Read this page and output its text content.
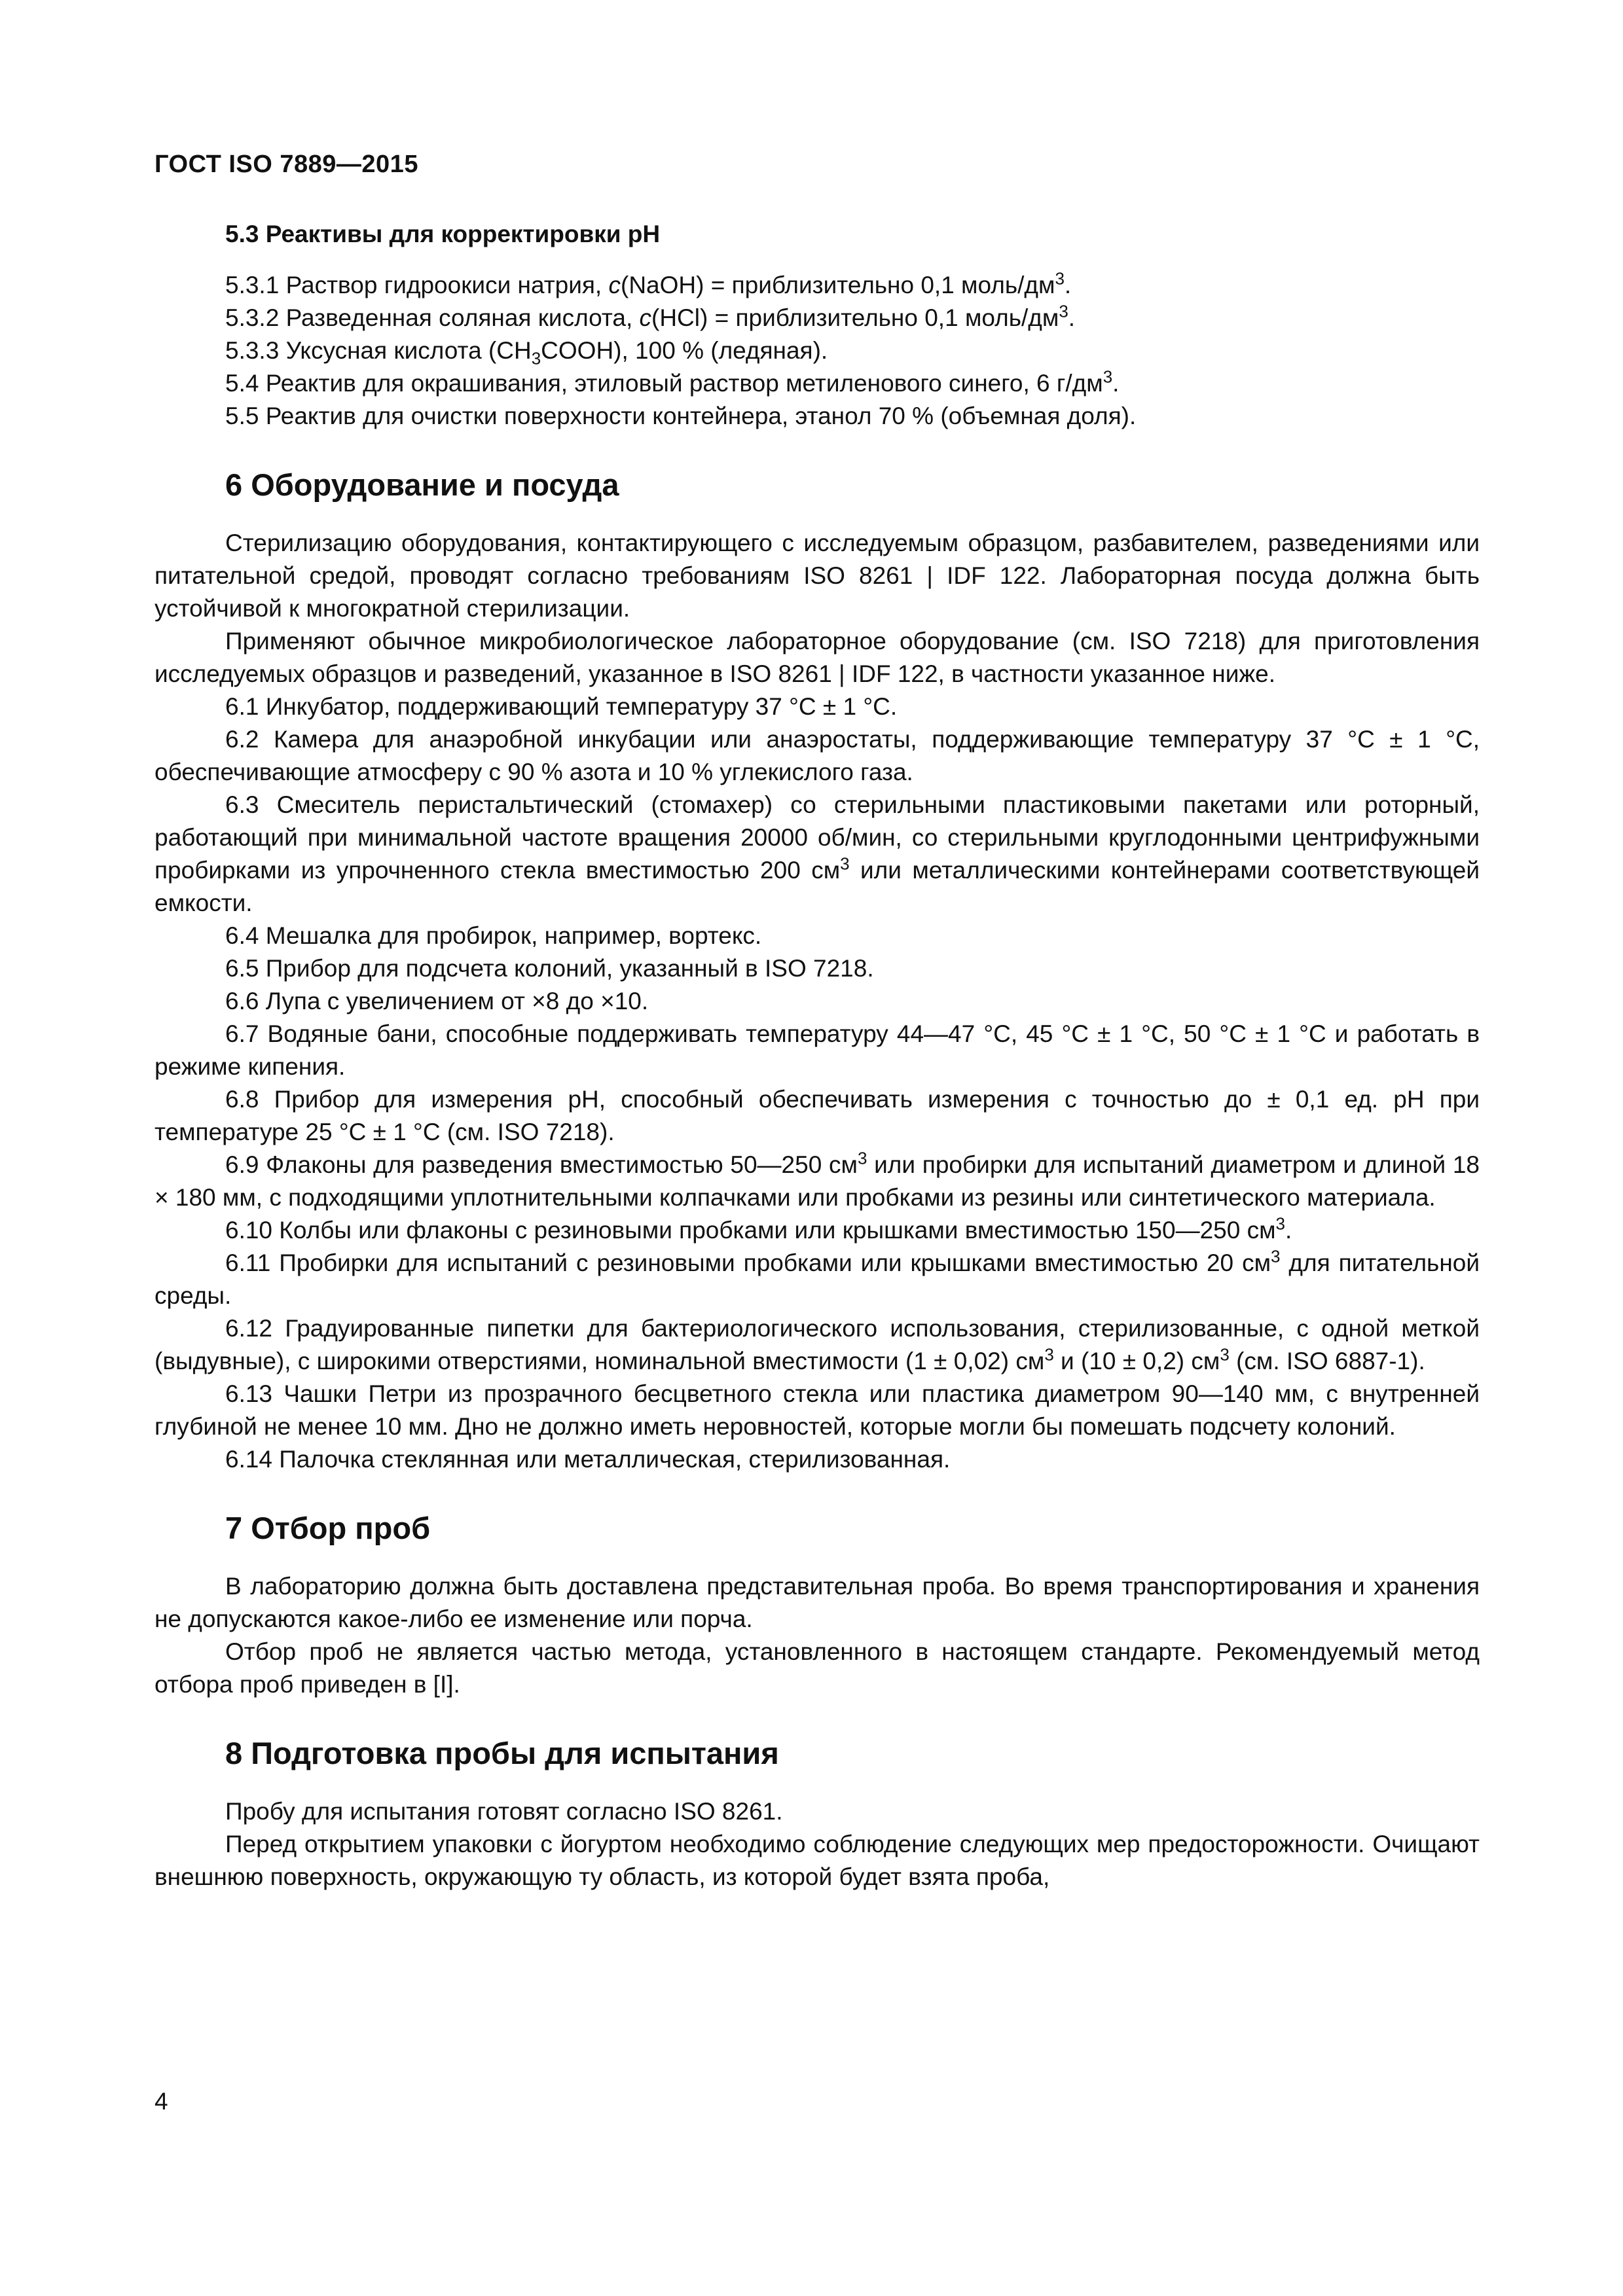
ГОСТ ISO 7889—2015

5.3 Реактивы для корректировки pH

5.3.1 Раствор гидроокиси натрия, c(NaOH) = приблизительно 0,1 моль/$дм^3$.

5.3.2 Разведенная соляная кислота, c(HCl) = приблизительно 0,1 моль/$дм^3$.

5.3.3 Уксусная кислота $(CH_3COOH)$, 100 % (ледяная).

5.4 Реактив для окрашивания, этиловый раствор метиленового синего, 6 $г/дм^3$.

5.5 Реактив для очистки поверхности контейнера, этанол 70 % (объемная доля).

6 Оборудование и посуда

Стерилизацию оборудования, контактирующего с исследуемым образцом, разбавителем, разведениями или питательной средой, проводят согласно требованиям ISO 8261 | IDF 122. Лабораторная посуда должна быть устойчивой к многократной стерилизации.

Применяют обычное микробиологическое лабораторное оборудование (см. ISO 7218) для приготовления исследуемых образцов и разведений, указанное в ISO 8261 | IDF 122, в частности указанное ниже.

6.1 Инкубатор, поддерживающий температуру 37 °С ± 1 °С.

6.2 Камера для анаэробной инкубации или анаэростаты, поддерживающие температуру 37 °С ± 1 °С, обеспечивающие атмосферу с 90 % азота и 10 % углекислого газа.

6.3 Смеситель перистальтический (стомахер) со стерильными пластиковыми пакетами или роторный, работающий при минимальной частоте вращения 20000 об/мин, со стерильными круглодонными центрифужными пробирками из упрочненного стекла вместимостью 200 $см^3$ или металлическими контейнерами соответствующей емкости.

6.4 Мешалка для пробирок, например, вортекс.

6.5 Прибор для подсчета колоний, указанный в ISO 7218.

6.6 Лупа с увеличением от ×8 до ×10.

6.7 Водяные бани, способные поддерживать температуру 44—47 °С, 45 °С ± 1 °С, 50 °С ± 1 °С и работать в режиме кипения.

6.8 Прибор для измерения pH, способный обеспечивать измерения с точностью до ± 0,1 ед. pH при температуре 25 °С ± 1 °С (см. ISO 7218).

6.9 Флаконы для разведения вместимостью 50—250 $см^3$ или пробирки для испытаний диаметром и длиной 18 × 180 мм, с подходящими уплотнительными колпачками или пробками из резины или синтетического материала.

6.10 Колбы или флаконы с резиновыми пробками или крышками вместимостью 150—250 $см^3$.

6.11 Пробирки для испытаний с резиновыми пробками или крышками вместимостью 20 $см^3$ для питательной среды.

6.12 Градуированные пипетки для бактериологического использования, стерилизованные, с одной меткой (выдувные), с широкими отверстиями, номинальной вместимости (1 ± 0,02) $см^3$ и (10 ± 0,2) $см^3$ (см. ISO 6887-1).

6.13 Чашки Петри из прозрачного бесцветного стекла или пластика диаметром 90—140 мм, с внутренней глубиной не менее 10 мм. Дно не должно иметь неровностей, которые могли бы помешать подсчету колоний.

6.14 Палочка стеклянная или металлическая, стерилизованная.

7 Отбор проб

В лабораторию должна быть доставлена представительная проба. Во время транспортирования и хранения не допускаются какое-либо ее изменение или порча.

Отбор проб не является частью метода, установленного в настоящем стандарте. Рекомендуемый метод отбора проб приведен в [I].

8 Подготовка пробы для испытания

Пробу для испытания готовят согласно ISO 8261.

Перед открытием упаковки с йогуртом необходимо соблюдение следующих мер предосторожности. Очищают внешнюю поверхность, окружающую ту область, из которой будет взята проба,

4
